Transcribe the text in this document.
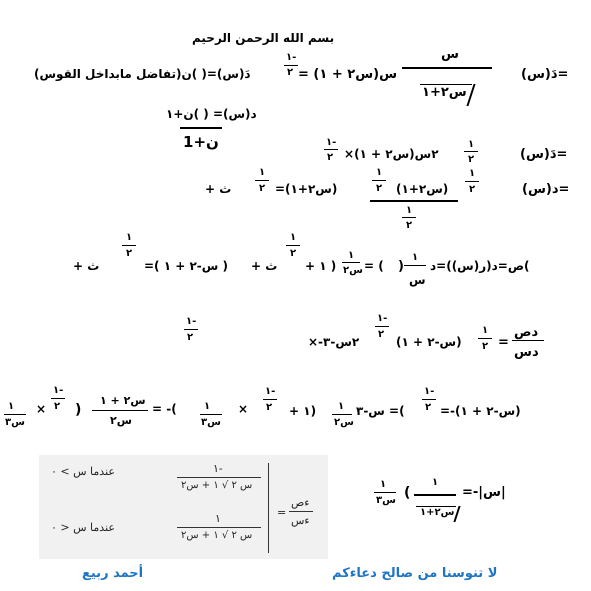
بسم الله الرحمن الرحيم
دَ(س)=( )ن(تفاضل مابداخل القوس)
١-
٢ = س(س٢ + ١)
س
س٢+١
دَ(س)=
د(س)= ( )ن+١
ن+1	١-
٢ ×٢س(س٢ + ١)
١
٢	دَ(س)=
+ ث
١
٢ =(س٢+١)
١
٢ (س٢+١)
١
٢
١
٢	د(س)=
+ ث
١
٢
=( س-٢ + ١ ) + ث
١
٢
+ ١ )
١
س٢ = ( )
١
س
ص=د(ر(س))=د(
١-
٢	×-٢س-٣
١-
٢
(س-٢ + ١)
١
٢ =
دص
دس
١
س٣
×
١-
٢ )
س٢ + ١
س٢
= -(	١
س٣
×
١-
٢ + ١) ١
س٢
س-٣ =(
١-
٢ =-(س-٢ + ١)
١
س٣ (
١
س٢+١
=-|س|
عندما س > ٠	١-
س ٢ √ ١ + س٢
عندما س < ٠
١
س ٢ √ ١ + س٢
=
ءص
ءس
أحمد ربيع	لا تنوسنا من صالح دعاءكم
